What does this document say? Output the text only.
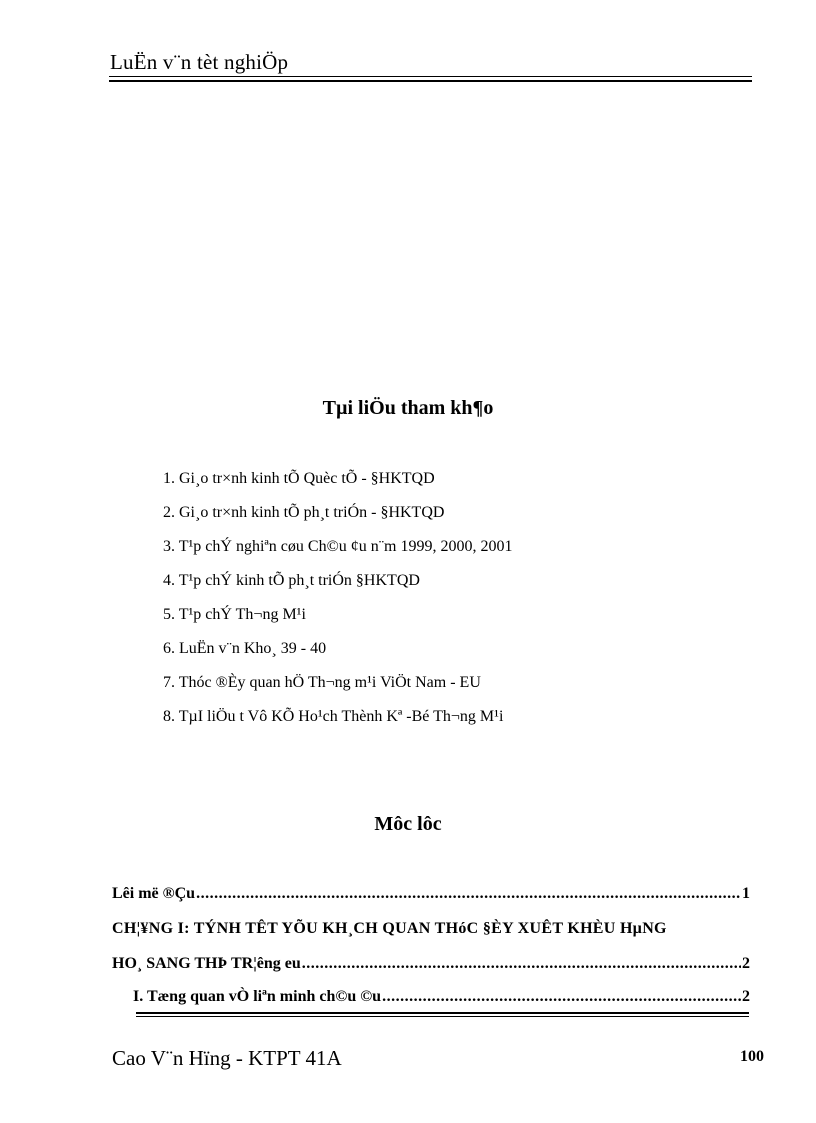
LuËn v¨n tèt nghiÖp
Tµi liÖu tham kh¶o
1. Gi¸o tr×nh kinh tÕ Quèc tÕ - §HKTQD
2. Gi¸o tr×nh kinh tÕ ph¸t triÓn - §HKTQD
3. T¹p chÝ nghiªn cøu Ch©u ¢u n¨m 1999, 2000, 2001
4. T¹p chÝ kinh tÕ ph¸t triÓn §HKTQD
5. T¹p chÝ Th¬ng M¹i
6. LuËn v¨n Kho¸ 39 - 40
7. Thóc ®Èy quan hÖ Th¬ng m¹i ViÖt Nam - EU
8. TµI liÖu t Vô KÕ Ho¹ch Thènh Kª -Bé Th¬ng M¹i
Môc lôc
Lêi më ®Çu .....	1
CH¦¥NG I: TÝNH TÊT YÕU KH¸CH QUAN THóC §ÈY XUÊT KHÈU HµNG
HO¸ SANG THÞ TR¦êng eu .....	2
I. Tæng quan vÒ liªn minh ch©u ©u .....	2
Cao V¨n Hïng - KTPT 41A	100
